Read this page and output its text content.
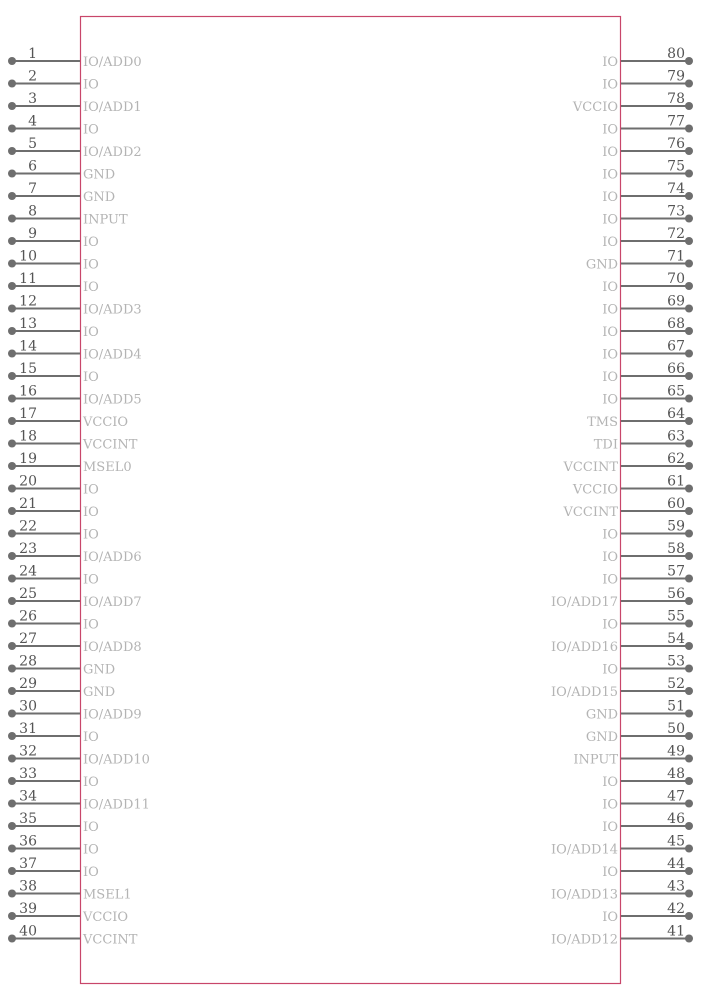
1
IO/ADD0
2
IO
3
IO/ADD1
4
IO
5
IO/ADD2
6
GND
7
GND
8
INPUT
9
IO
10
IO
11
IO
12
IO/ADD3
13
IO
14
IO/ADD4
15
IO
16
IO/ADD5
17
VCCIO
18
VCCINT
19
MSEL0
20
IO
21
IO
22
IO
23
IO/ADD6
24
IO
25
IO/ADD7
26
IO
27
IO/ADD8
28
GND
29
GND
30
IO/ADD9
31
IO
32
IO/ADD10
33
IO
34
IO/ADD11
35
IO
36
IO
37
IO
38
MSEL1
39
VCCIO
40
VCCINT
80
IO
79
IO
78
VCCIO
77
IO
76
IO
75
IO
74
IO
73
IO
72
IO
71
GND
70
IO
69
IO
68
IO
67
IO
66
IO
65
IO
64
TMS
63
TDI
62
VCCINT
61
VCCIO
60
VCCINT
59
IO
58
IO
57
IO
56
IO/ADD17
55
IO
54
IO/ADD16
53
IO
52
IO/ADD15
51
GND
50
GND
49
INPUT
48
IO
47
IO
46
IO
45
IO/ADD14
44
IO
43
IO/ADD13
42
IO
41
IO/ADD12
